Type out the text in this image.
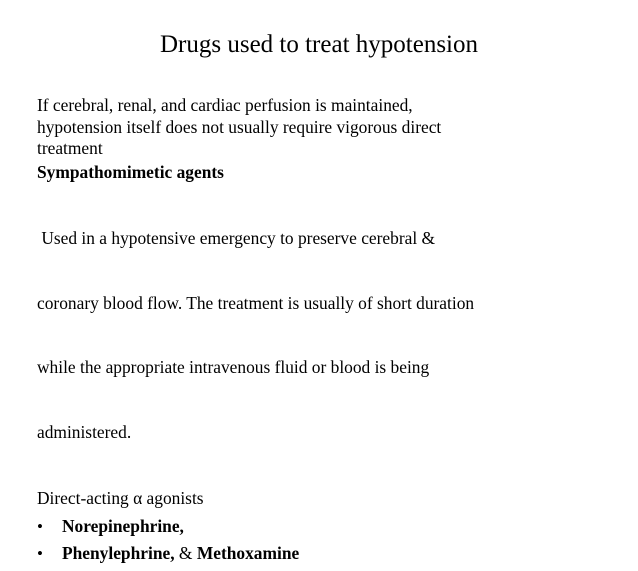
Drugs used to treat hypotension

If cerebral, renal, and cardiac perfusion is maintained,
hypotension itself does not usually require vigorous direct
treatment

Sympathomimetic agents

Used in a hypotensive emergency to preserve cerebral &

coronary blood flow. The treatment is usually of short duration

while the appropriate intravenous fluid or blood is being

administered.

Direct-acting α agonists
• Norepinephrine,
• Phenylephrine, & Methoxamine
